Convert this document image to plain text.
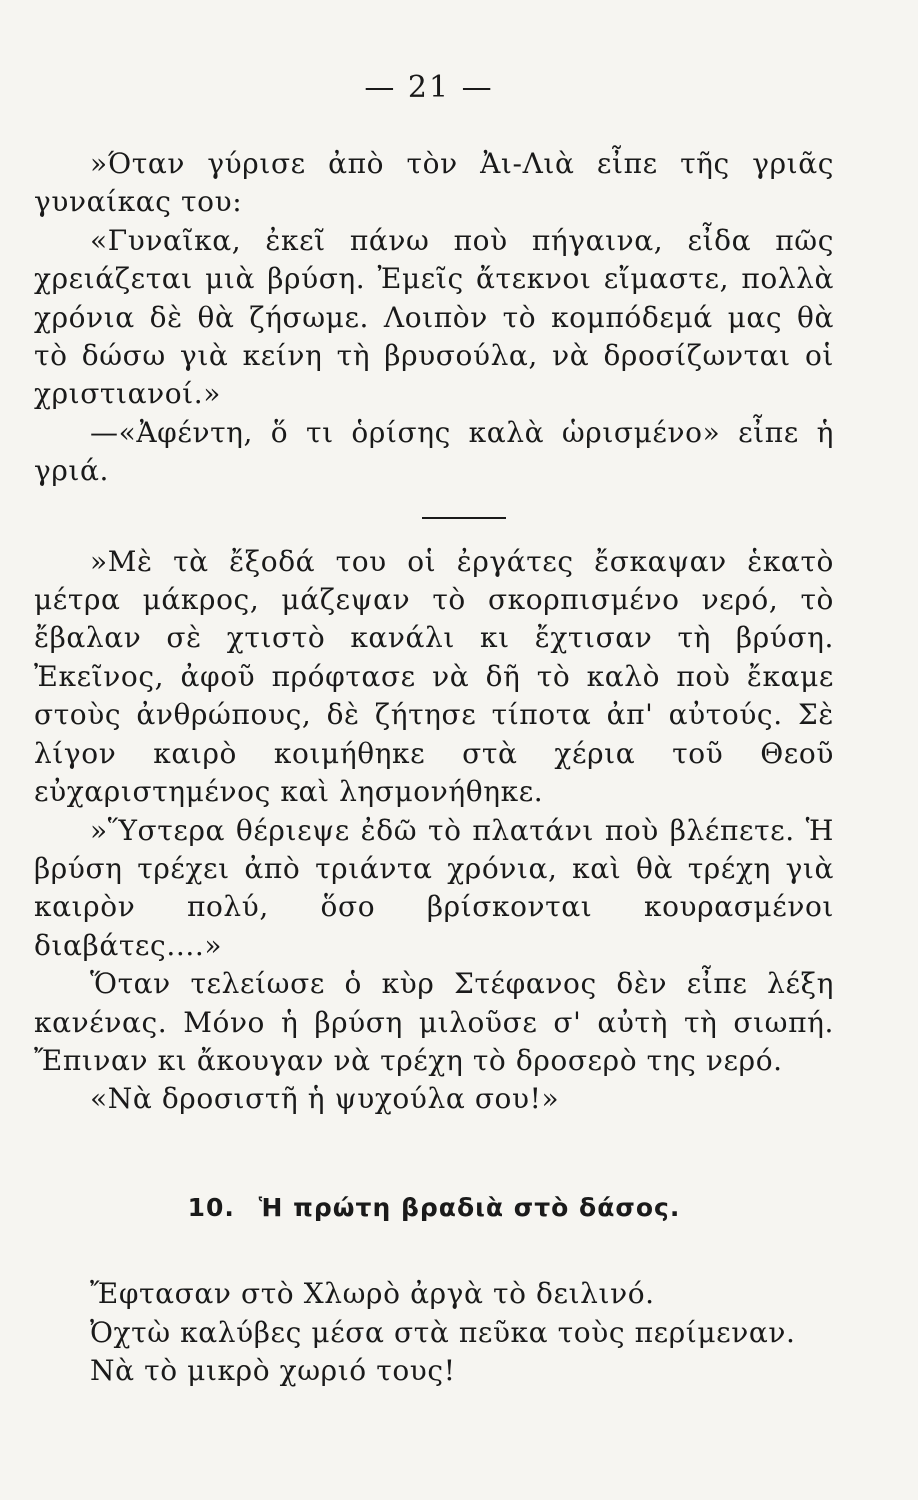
— 21 —

»Όταν γύρισε ἀπὸ τὸν Ἀι-Λιὰ εἶπε τῆς γριᾶς γυναίκας του:

«Γυναῖκα, ἐκεῖ πάνω ποὺ πήγαινα, εἶδα πῶς χρειάζεται μιὰ βρύση. Ἐμεῖς ἄτεκνοι εἴμαστε, πολλὰ χρόνια δὲ θὰ ζήσωμε. Λοιπὸν τὸ κομπόδεμά μας θὰ τὸ δώσω γιὰ κείνη τὴ βρυσούλα, νὰ δροσίζωνται οἱ χριστιανοί.»

—«Ἀφέντη, ὅ τι ὁρίσης καλὰ ὡρισμένο» εἶπε ἡ γριά.

»Μὲ τὰ ἔξοδά του οἱ ἐργάτες ἔσκαψαν ἑκατὸ μέτρα μάκρος, μάζεψαν τὸ σκορπισμένο νερό, τὸ ἔβαλαν σὲ χτιστὸ κανάλι κι ἔχτισαν τὴ βρύση. Ἐκεῖνος, ἀφοῦ πρόφτασε νὰ δῆ τὸ καλὸ ποὺ ἔκαμε στοὺς ἀνθρώπους, δὲ ζήτησε τίποτα ἀπ' αὐτούς. Σὲ λίγον καιρὸ κοιμήθηκε στὰ χέρια τοῦ Θεοῦ εὐχαριστημένος καὶ λησμονήθηκε.

»Ὕστερα θέριεψε ἐδῶ τὸ πλατάνι ποὺ βλέπετε. Ἡ βρύση τρέχει ἀπὸ τριάντα χρόνια, καὶ θὰ τρέχη γιὰ καιρὸν πολύ, ὅσο βρίσκονται κουρασμένοι διαβάτες....»

Ὅταν τελείωσε ὁ κὺρ Στέφανος δὲν εἶπε λέξη κανένας. Μόνο ἡ βρύση μιλοῦσε σ' αὐτὴ τὴ σιωπή. Ἔπιναν κι ἄκουγαν νὰ τρέχη τὸ δροσερὸ της νερό.

«Νὰ δροσιστῆ ἡ ψυχούλα σου!»

10. Ἡ πρώτη βραδιὰ στὸ δάσος.

Ἔφτασαν στὸ Χλωρὸ ἀργὰ τὸ δειλινό.

Ὀχτὼ καλύβες μέσα στὰ πεῦκα τοὺς περίμεναν.

Νὰ τὸ μικρὸ χωριό τους!
